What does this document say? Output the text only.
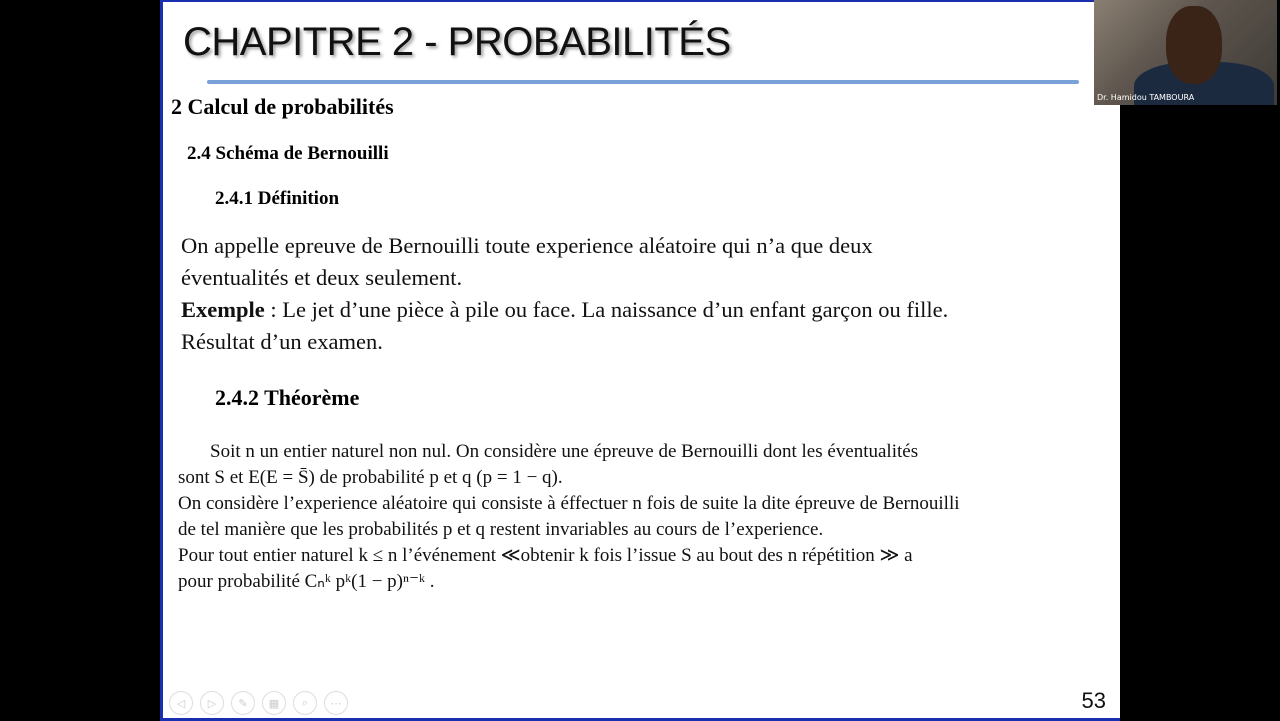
CHAPITRE 2 - PROBABILITÉS
2 Calcul de probabilités
2.4 Schéma de Bernouilli
2.4.1 Définition
On appelle epreuve de Bernouilli toute experience aléatoire qui n’a que deux
éventualités et deux seulement.
Exemple : Le jet d’une pièce à pile ou face. La naissance d’un enfant garçon ou fille.
Résultat d’un examen.
2.4.2 Théorème
Soit n un entier naturel non nul. On considère une épreuve de Bernouilli dont les éventualités
sont S et E(E = S̄) de probabilité p et q (p = 1 − q).
On considère l’experience aléatoire qui consiste à éffectuer n fois de suite la dite épreuve de Bernouilli
de tel manière que les probabilités p et q restent invariables au cours de l’experience.
Pour tout entier naturel k ≤ n l’événement ≪obtenir k fois l’issue S au bout des n répétition ≫ a
pour probabilité Cₙᵏ pᵏ(1 − p)ⁿ⁻ᵏ .
◁	▷	✎	▦	⌕	⋯	53
Dr. Hamidou TAMBOURA
